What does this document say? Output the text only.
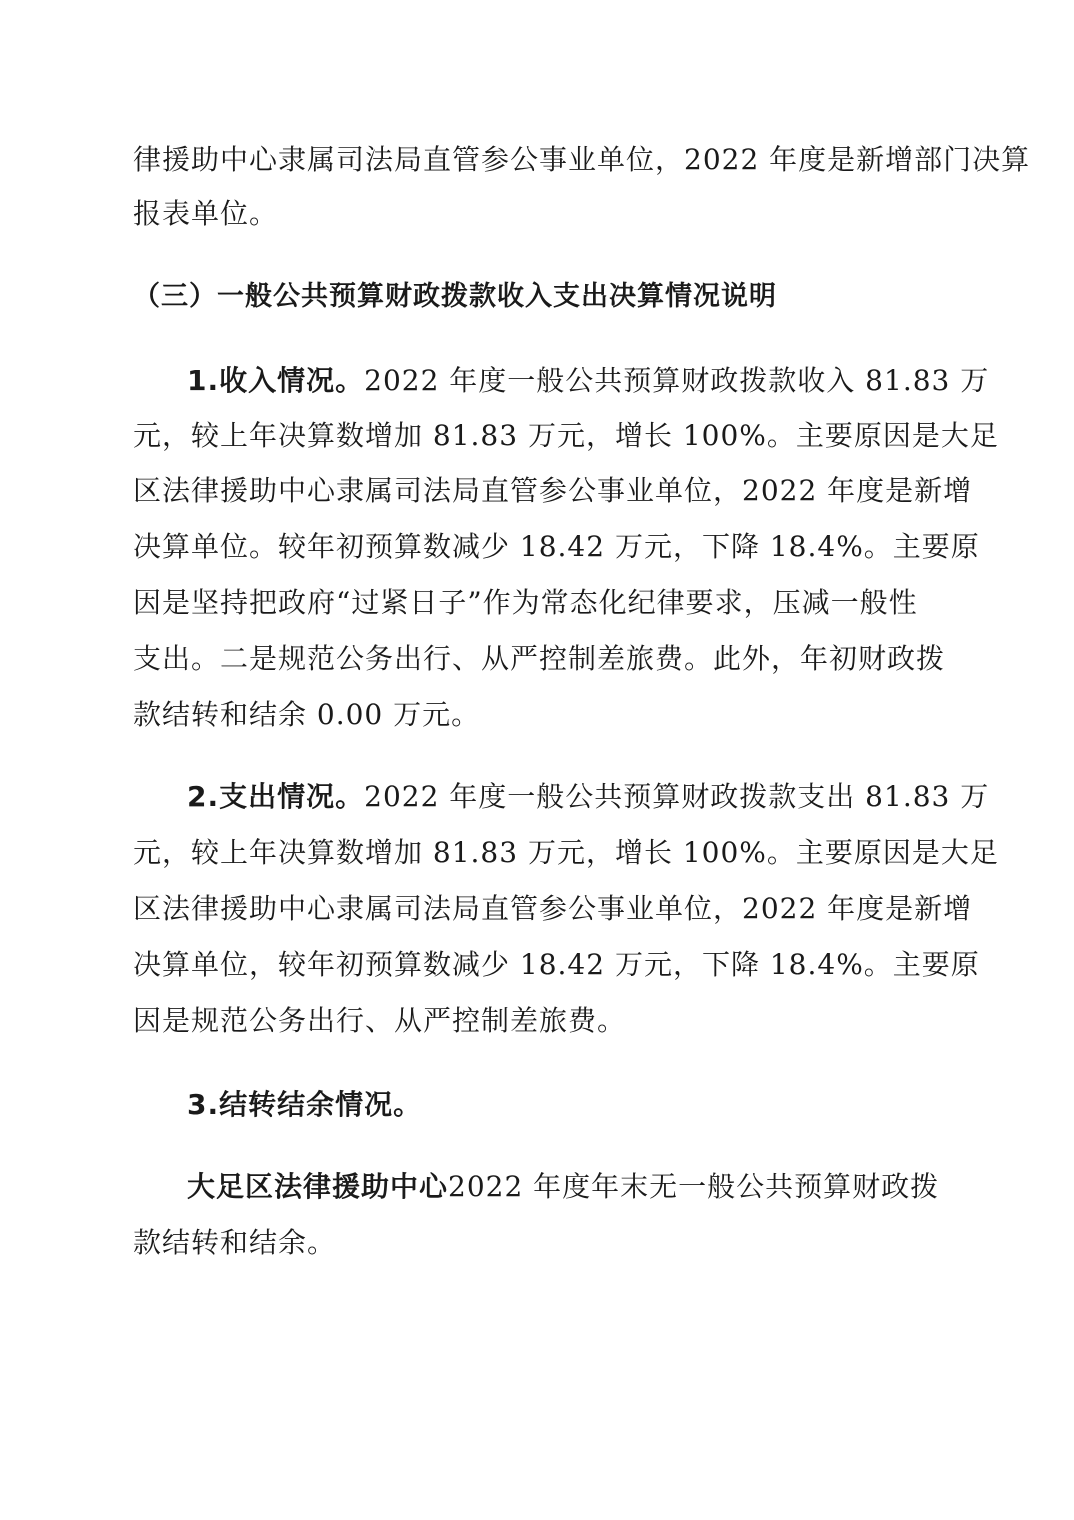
律援助中心隶属司法局直管参公事业单位，2022 年度是新增部门决算
报表单位。
（三）一般公共预算财政拨款收入支出决算情况说明
1.收入情况。2022 年度一般公共预算财政拨款收入 81.83 万
元，较上年决算数增加 81.83 万元，增长 100%。主要原因是大足
区法律援助中心隶属司法局直管参公事业单位，2022 年度是新增
决算单位。较年初预算数减少 18.42 万元，下降 18.4%。主要原
因是坚持把政府“过紧日子”作为常态化纪律要求，压减一般性
支出。二是规范公务出行、从严控制差旅费。此外，年初财政拨
款结转和结余 0.00 万元。
2.支出情况。2022 年度一般公共预算财政拨款支出 81.83 万
元，较上年决算数增加 81.83 万元，增长 100%。主要原因是大足
区法律援助中心隶属司法局直管参公事业单位，2022 年度是新增
决算单位，较年初预算数减少 18.42 万元，下降 18.4%。主要原
因是规范公务出行、从严控制差旅费。
3.结转结余情况。
大足区法律援助中心2022 年度年末无一般公共预算财政拨
款结转和结余。
